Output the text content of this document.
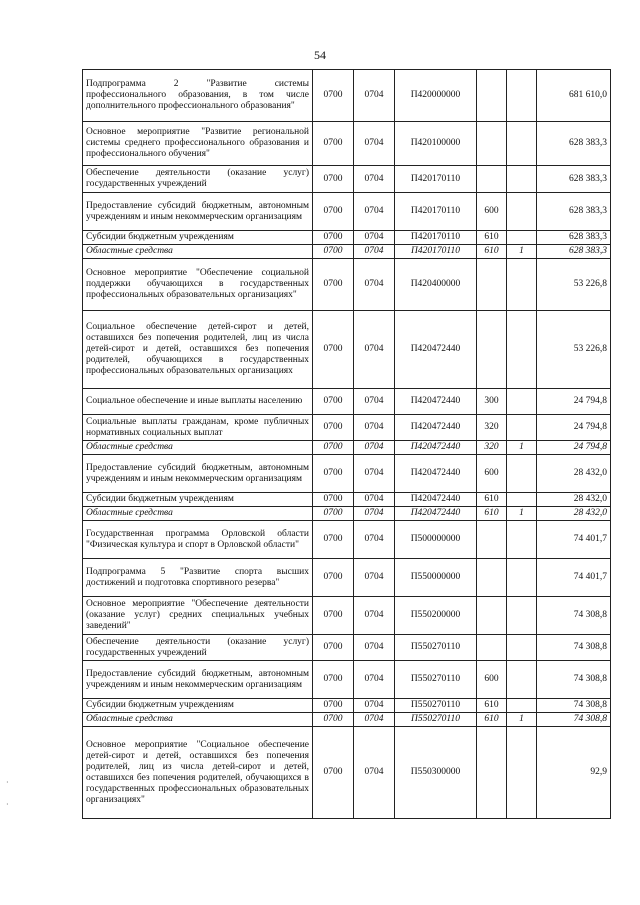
54
Подпрограмма 2 "Развитие системы профессионального образования, в том числе дополнительного профессионального образования"	0700	0704	П420000000			681 610,0
Основное мероприятие "Развитие региональной системы среднего профессионального образования и профессионального обучения"	0700	0704	П420100000			628 383,3
Обеспечение деятельности (оказание услуг) государственных учреждений	0700	0704	П420170110			628 383,3
Предоставление субсидий бюджетным, автономным учреждениям и иным некоммерческим организациям	0700	0704	П420170110	600		628 383,3
Субсидии бюджетным учреждениям	0700	0704	П420170110	610		628 383,3
Областные средства	0700	0704	П420170110	610	1	628 383,3
Основное мероприятие "Обеспечение социальной поддержки обучающихся в государственных профессиональных образовательных организациях"	0700	0704	П420400000			53 226,8
Социальное обеспечение детей-сирот и детей, оставшихся без попечения родителей, лиц из числа детей-сирот и детей, оставшихся без попечения родителей, обучающихся в государственных профессиональных образовательных организациях	0700	0704	П420472440			53 226,8
Социальное обеспечение и иные выплаты населению	0700	0704	П420472440	300		24 794,8
Социальные выплаты гражданам, кроме публичных нормативных социальных выплат	0700	0704	П420472440	320		24 794,8
Областные средства	0700	0704	П420472440	320	1	24 794,8
Предоставление субсидий бюджетным, автономным учреждениям и иным некоммерческим организациям	0700	0704	П420472440	600		28 432,0
Субсидии бюджетным учреждениям	0700	0704	П420472440	610		28 432,0
Областные средства	0700	0704	П420472440	610	1	28 432,0
Государственная программа Орловской области "Физическая культура и спорт в Орловской области"	0700	0704	П500000000			74 401,7
Подпрограмма 5 "Развитие спорта высших достижений и подготовка спортивного резерва"	0700	0704	П550000000			74 401,7
Основное мероприятие "Обеспечение деятельности (оказание услуг) средних специальных учебных заведений"	0700	0704	П550200000			74 308,8
Обеспечение деятельности (оказание услуг) государственных учреждений	0700	0704	П550270110			74 308,8
Предоставление субсидий бюджетным, автономным учреждениям и иным некоммерческим организациям	0700	0704	П550270110	600		74 308,8
Субсидии бюджетным учреждениям	0700	0704	П550270110	610		74 308,8
Областные средства	0700	0704	П550270110	610	1	74 308,8
Основное мероприятие "Социальное обеспечение детей-сирот и детей, оставшихся без попечения родителей, лиц из числа детей-сирот и детей, оставшихся без попечения родителей, обучающихся в государственных профессиональных образовательных организациях"	0700	0704	П550300000			92,9
·
·
